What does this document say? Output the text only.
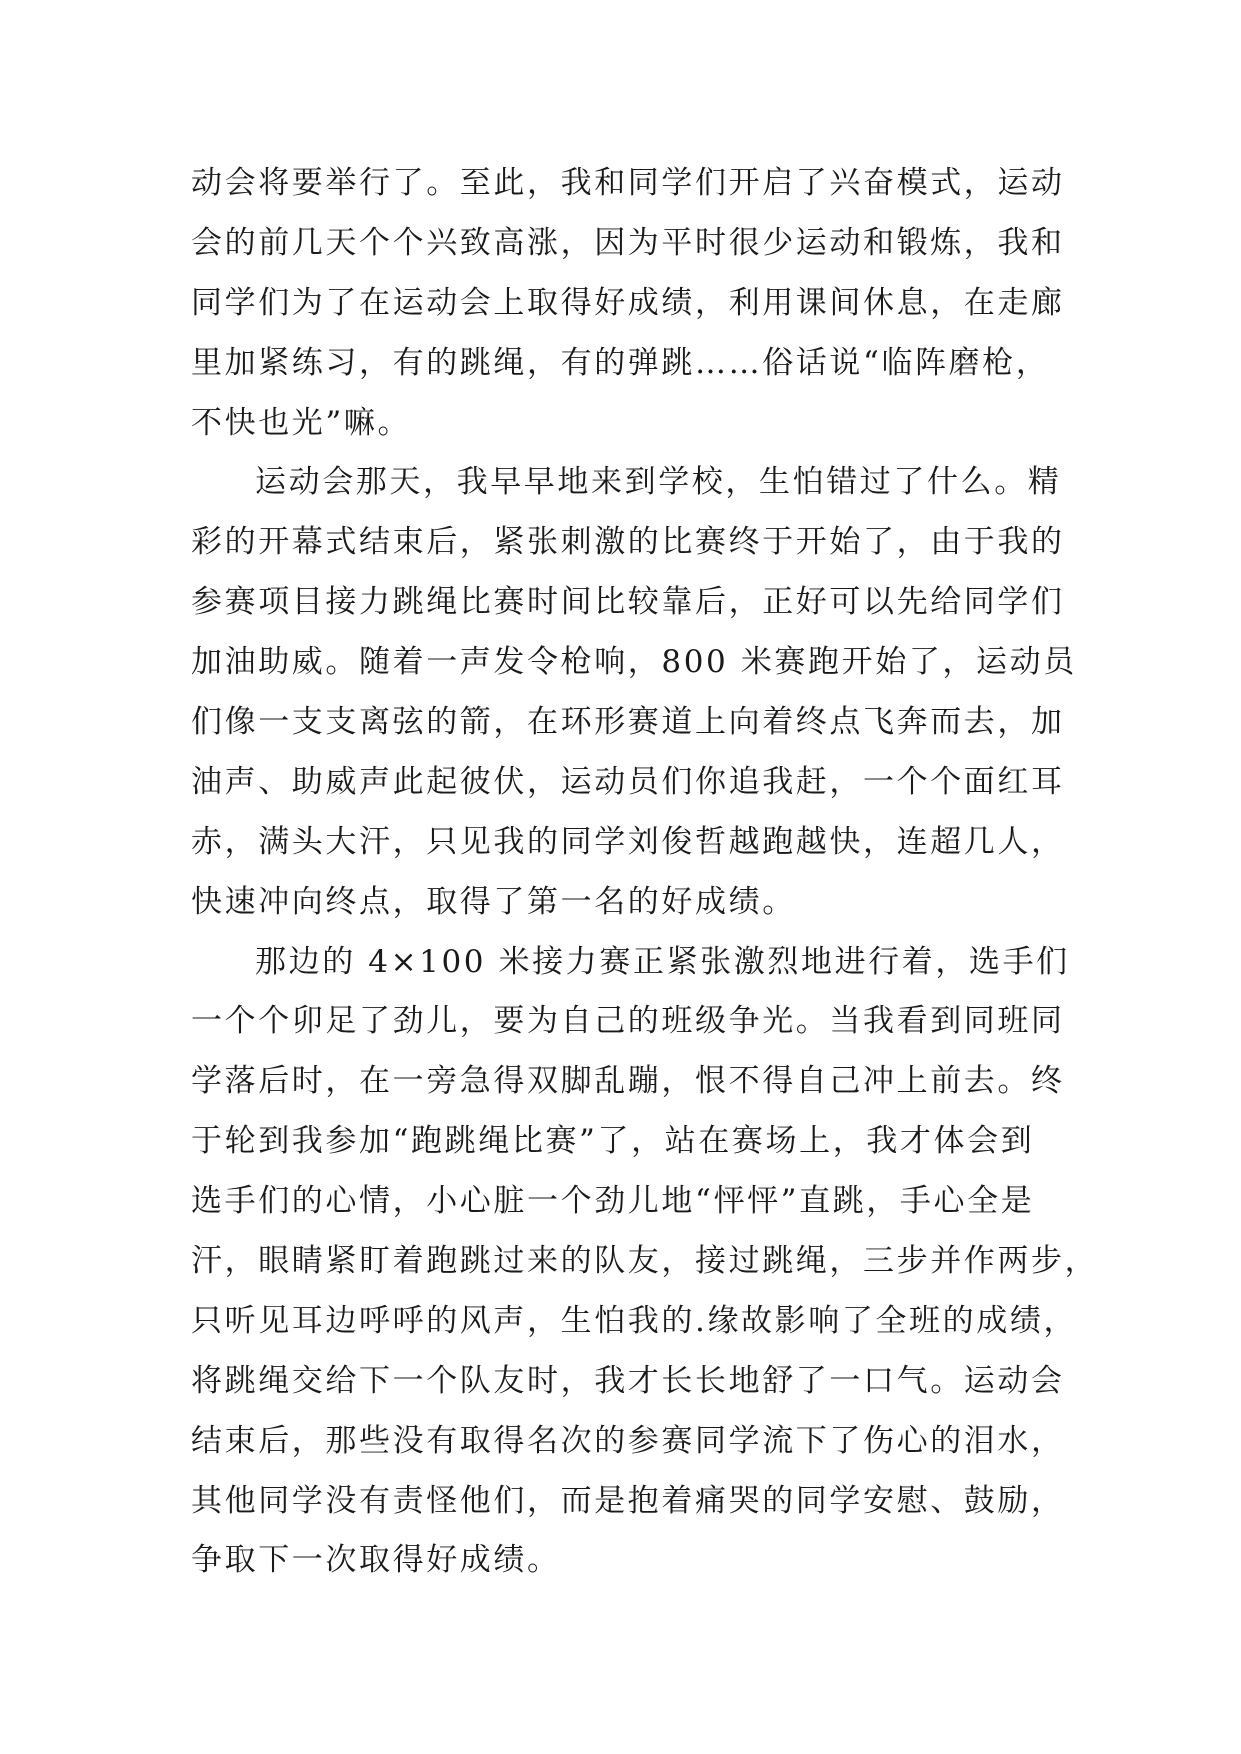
动会将要举行了。至此，我和同学们开启了兴奋模式，运动
会的前几天个个兴致高涨，因为平时很少运动和锻炼，我和
同学们为了在运动会上取得好成绩，利用课间休息，在走廊
里加紧练习，有的跳绳，有的弹跳……俗话说“临阵磨枪，
不快也光”嘛。
运动会那天，我早早地来到学校，生怕错过了什么。精
彩的开幕式结束后，紧张刺激的比赛终于开始了，由于我的
参赛项目接力跳绳比赛时间比较靠后，正好可以先给同学们
加油助威。随着一声发令枪响，800 米赛跑开始了，运动员
们像一支支离弦的箭，在环形赛道上向着终点飞奔而去，加
油声、助威声此起彼伏，运动员们你追我赶，一个个面红耳
赤，满头大汗，只见我的同学刘俊哲越跑越快，连超几人，
快速冲向终点，取得了第一名的好成绩。
那边的 4×100 米接力赛正紧张激烈地进行着，选手们
一个个卯足了劲儿，要为自己的班级争光。当我看到同班同
学落后时，在一旁急得双脚乱蹦，恨不得自己冲上前去。终
于轮到我参加“跑跳绳比赛”了，站在赛场上，我才体会到
选手们的心情，小心脏一个劲儿地“怦怦”直跳，手心全是
汗，眼睛紧盯着跑跳过来的队友，接过跳绳，三步并作两步，
只听见耳边呼呼的风声，生怕我的.缘故影响了全班的成绩，
将跳绳交给下一个队友时，我才长长地舒了一口气。运动会
结束后，那些没有取得名次的参赛同学流下了伤心的泪水，
其他同学没有责怪他们，而是抱着痛哭的同学安慰、鼓励，
争取下一次取得好成绩。
